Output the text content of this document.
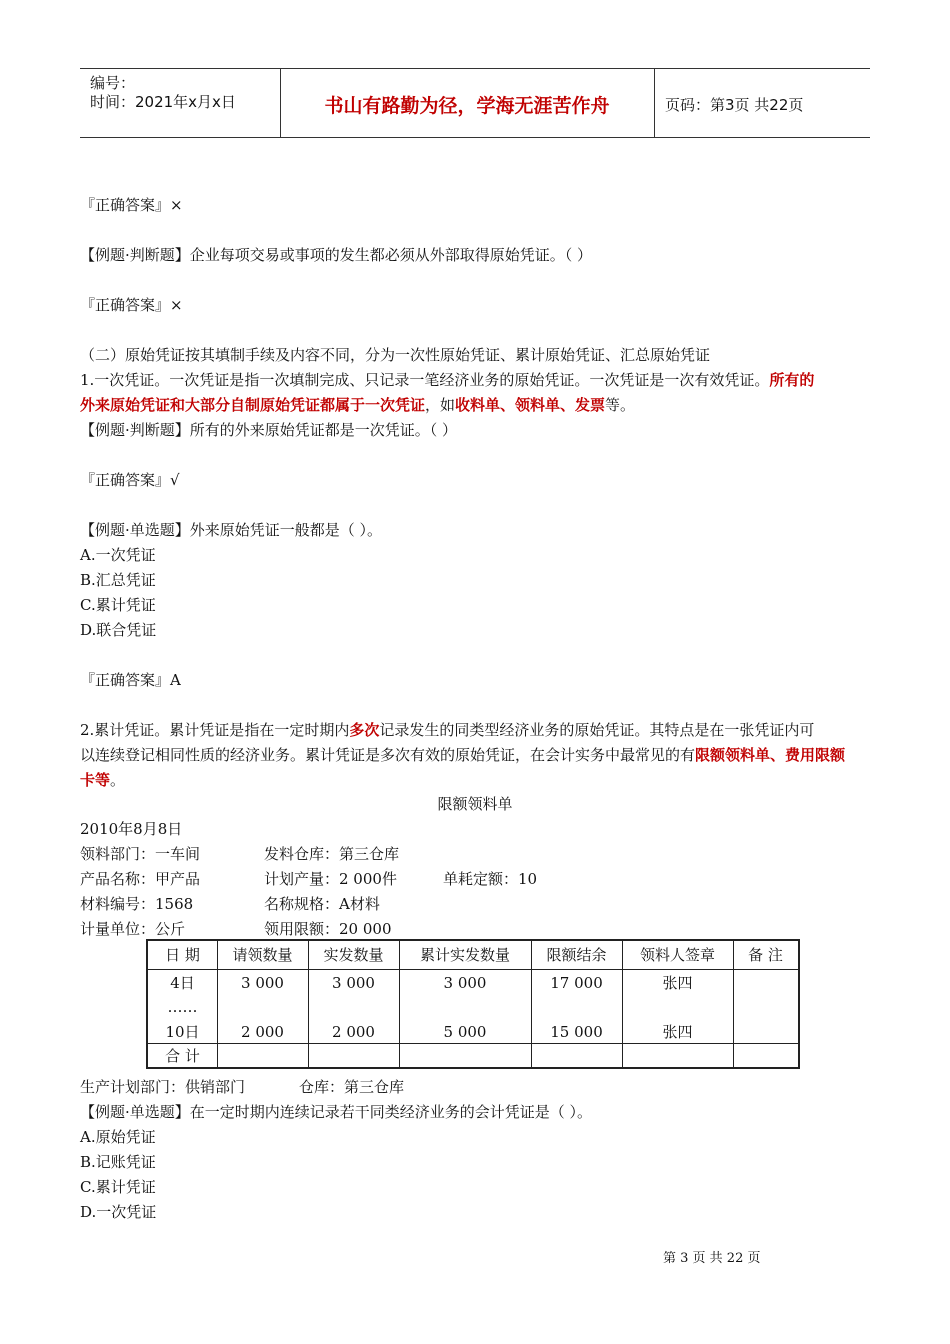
编号：
时间：2021年x月x日	书山有路勤为径，学海无涯苦作舟	页码：第3页 共22页
『正确答案』×
【例题·判断题】企业每项交易或事项的发生都必须从外部取得原始凭证。（ ）
『正确答案』×
（二）原始凭证按其填制手续及内容不同，分为一次性原始凭证、累计原始凭证、汇总原始凭证
1.一次凭证。一次凭证是指一次填制完成、只记录一笔经济业务的原始凭证。一次凭证是一次有效凭证。所有的
外来原始凭证和大部分自制原始凭证都属于一次凭证，如收料单、领料单、发票等。
【例题·判断题】所有的外来原始凭证都是一次凭证。（ ）
『正确答案』√
【例题·单选题】外来原始凭证一般都是（ ）。
A.一次凭证
B.汇总凭证
C.累计凭证
D.联合凭证
『正确答案』A
2.累计凭证。累计凭证是指在一定时期内多次记录发生的同类型经济业务的原始凭证。其特点是在一张凭证内可
以连续登记相同性质的经济业务。累计凭证是多次有效的原始凭证，在会计实务中最常见的有限额领料单、费用限额
卡等。
限额领料单
2010年8月8日
领料部门：一车间	发料仓库：第三仓库
产品名称：甲产品	计划产量：2 000件	单耗定额：10
材料编号：1568	名称规格：A材料
计量单位：公斤	领用限额：20 000
日 期	请领数量	实发数量	累计实发数量	限额结余	领料人签章	备 注
4日	3 000	3 000	3 000	17 000	张四
……
10日	2 000	2 000	5 000	15 000	张四
合 计
生产计划部门：供销部门	仓库：第三仓库
【例题·单选题】在一定时期内连续记录若干同类经济业务的会计凭证是（ ）。
A.原始凭证
B.记账凭证
C.累计凭证
D.一次凭证
第 3 页 共 22 页
